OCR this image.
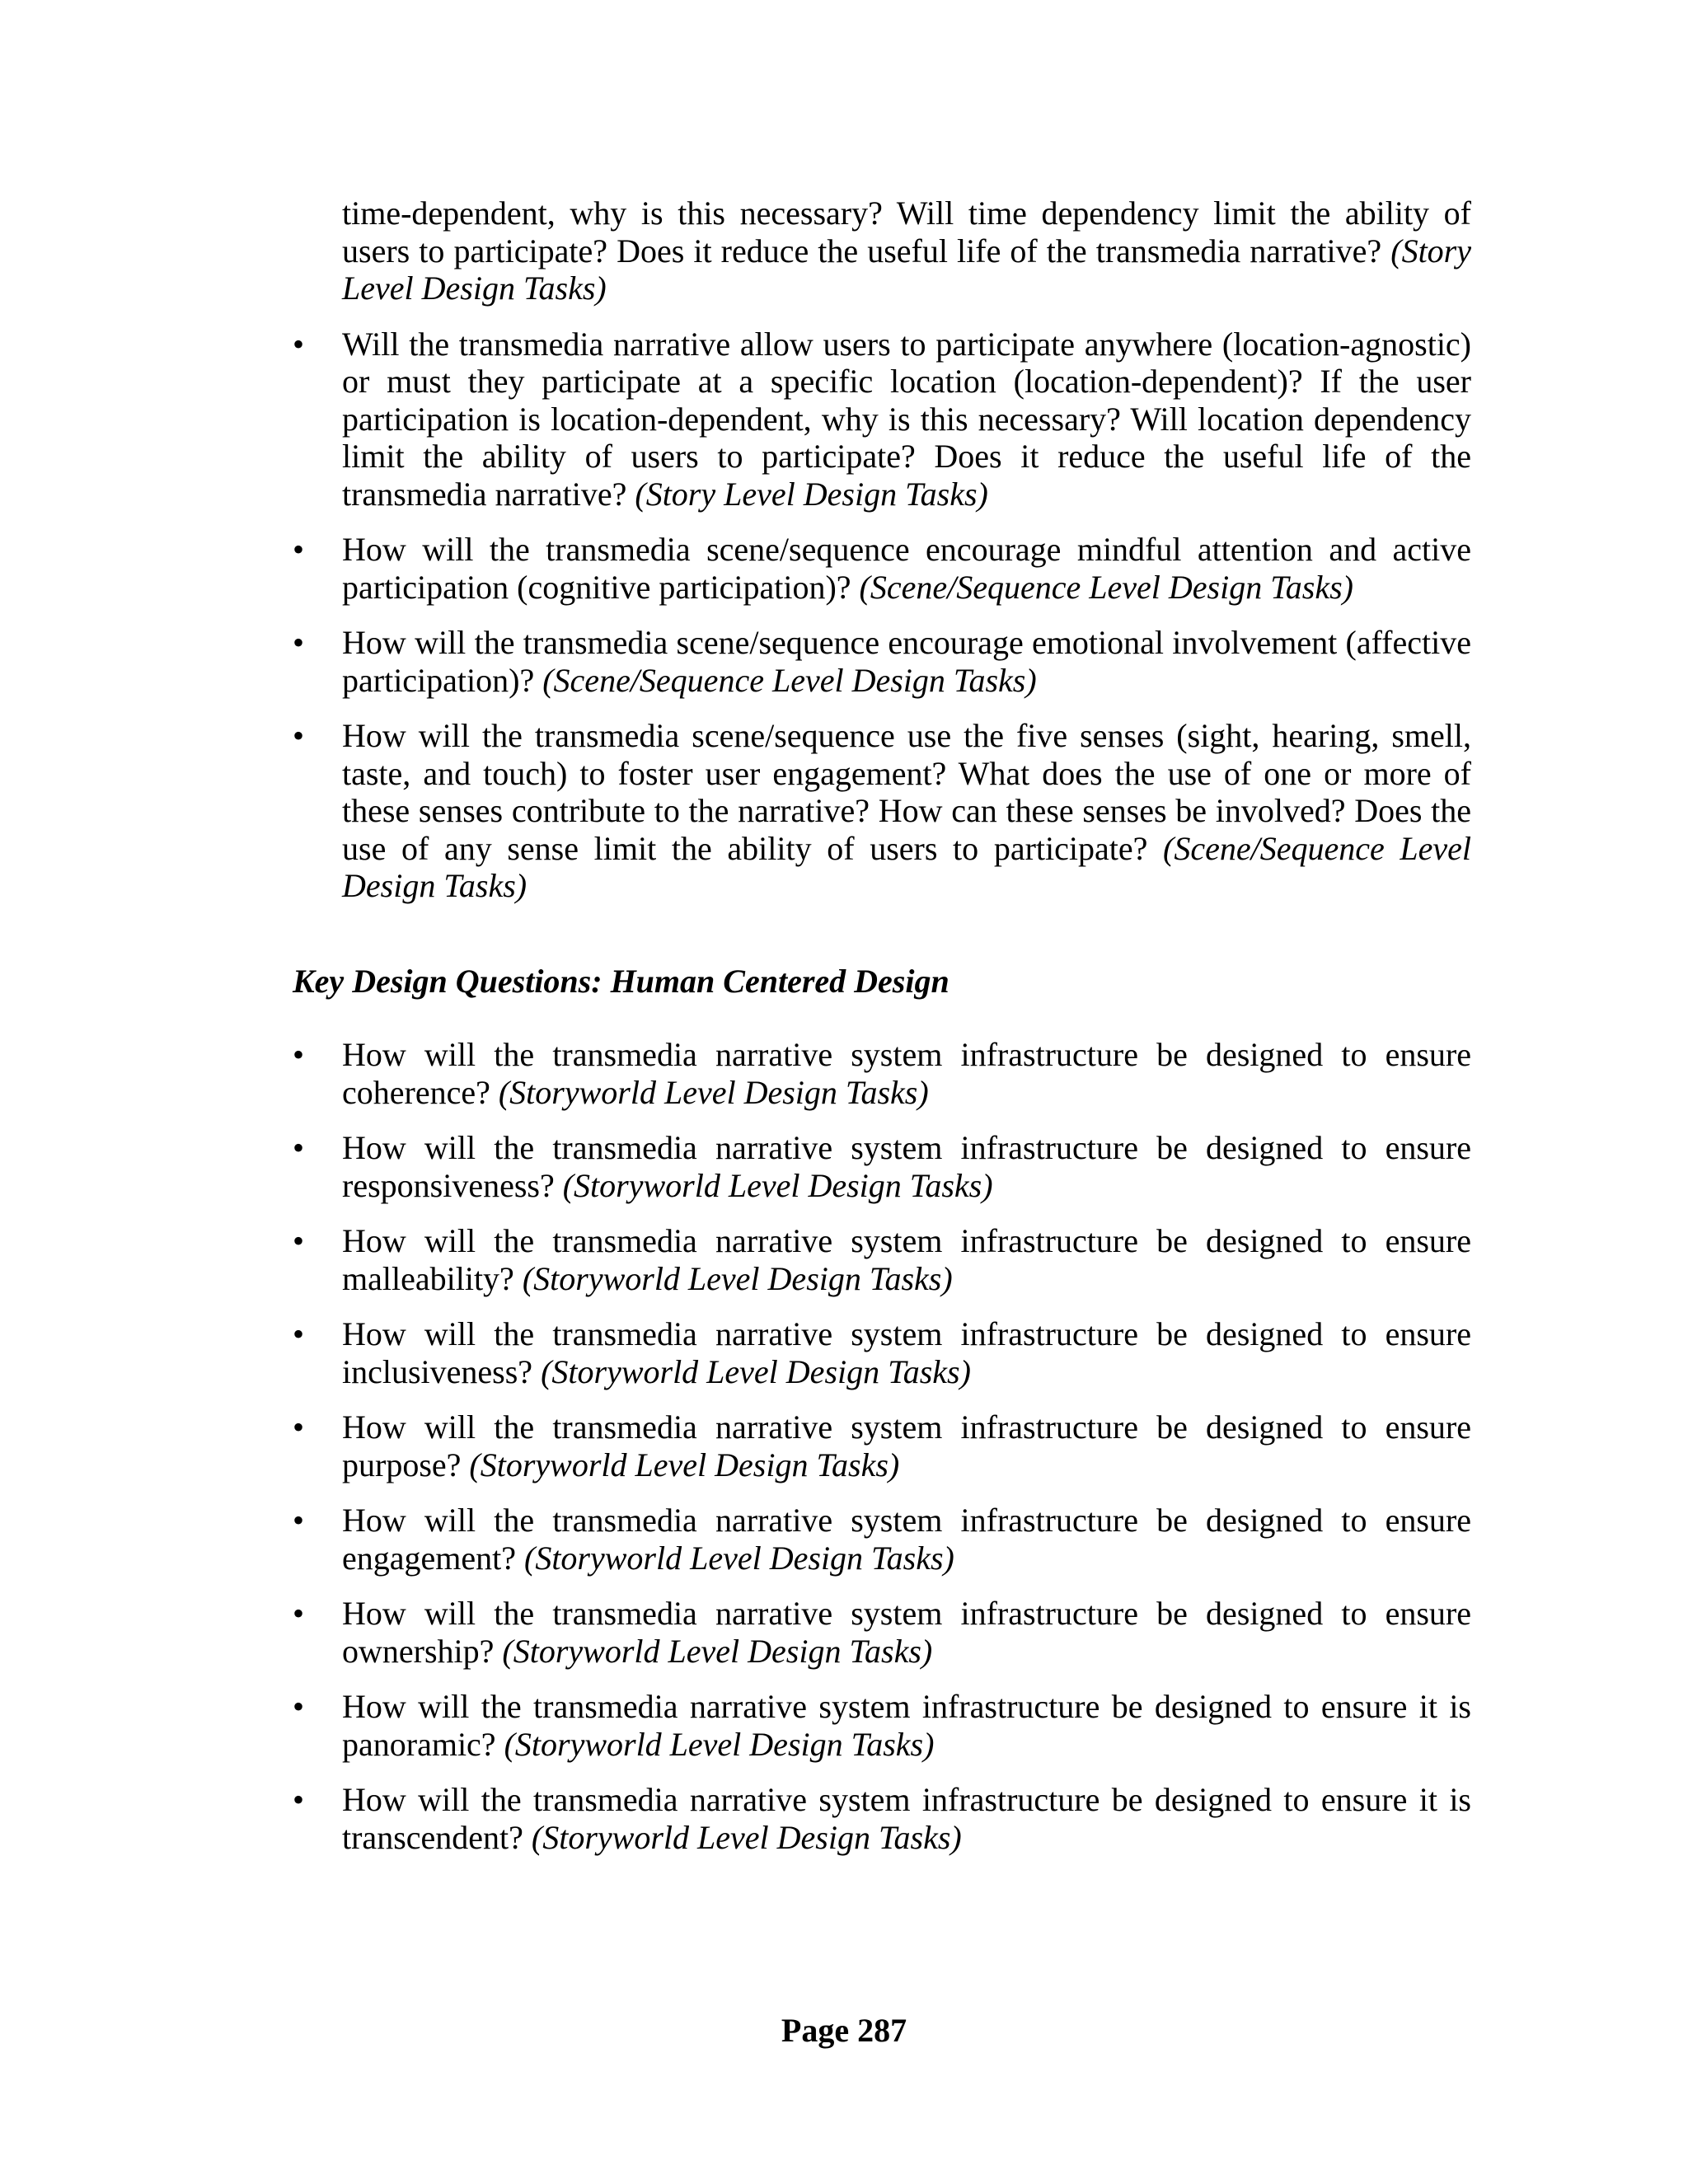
time-dependent, why is this necessary? Will time dependency limit the ability of users to participate? Does it reduce the useful life of the transmedia narrative? (Story Level Design Tasks)
•	Will the transmedia narrative allow users to participate anywhere (location-agnostic) or must they participate at a specific location (location-dependent)? If the user participation is location-dependent, why is this necessary? Will location dependency limit the ability of users to participate? Does it reduce the useful life of the transmedia narrative? (Story Level Design Tasks)
•	How will the transmedia scene/sequence encourage mindful attention and active participation (cognitive participation)? (Scene/Sequence Level Design Tasks)
•	How will the transmedia scene/sequence encourage emotional involvement (affective participation)? (Scene/Sequence Level Design Tasks)
•	How will the transmedia scene/sequence use the five senses (sight, hearing, smell, taste, and touch) to foster user engagement? What does the use of one or more of these senses contribute to the narrative? How can these senses be involved? Does the use of any sense limit the ability of users to participate? (Scene/Sequence Level Design Tasks)
Key Design Questions: Human Centered Design
•	How will the transmedia narrative system infrastructure be designed to ensure coherence? (Storyworld Level Design Tasks)
•	How will the transmedia narrative system infrastructure be designed to ensure responsiveness? (Storyworld Level Design Tasks)
•	How will the transmedia narrative system infrastructure be designed to ensure malleability? (Storyworld Level Design Tasks)
•	How will the transmedia narrative system infrastructure be designed to ensure inclusiveness? (Storyworld Level Design Tasks)
•	How will the transmedia narrative system infrastructure be designed to ensure purpose? (Storyworld Level Design Tasks)
•	How will the transmedia narrative system infrastructure be designed to ensure engagement? (Storyworld Level Design Tasks)
•	How will the transmedia narrative system infrastructure be designed to ensure ownership? (Storyworld Level Design Tasks)
•	How will the transmedia narrative system infrastructure be designed to ensure it is panoramic? (Storyworld Level Design Tasks)
•	How will the transmedia narrative system infrastructure be designed to ensure it is transcendent? (Storyworld Level Design Tasks)
Page 287
